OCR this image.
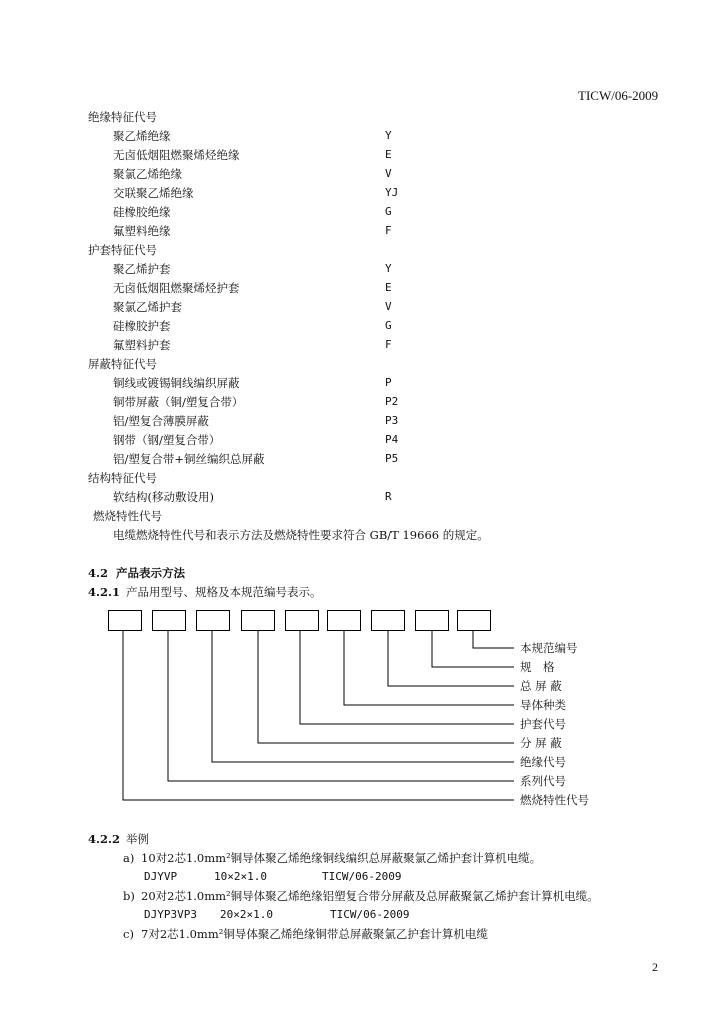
TICW/06-2009
绝缘特征代号
聚乙烯绝缘	Y
无卤低烟阻燃聚烯烃绝缘	E
聚氯乙烯绝缘	V
交联聚乙烯绝缘	YJ
硅橡胶绝缘	G
氟塑料绝缘	F
护套特征代号
聚乙烯护套	Y
无卤低烟阻燃聚烯烃护套	E
聚氯乙烯护套	V
硅橡胶护套	G
氟塑料护套	F
屏蔽特征代号
铜线或镀锡铜线编织屏蔽	P
铜带屏蔽（铜/塑复合带）	P2
铝/塑复合薄膜屏蔽	P3
钢带（钢/塑复合带）	P4
铝/塑复合带+铜丝编织总屏蔽	P5
结构特征代号
软结构(移动敷设用)	R
燃烧特性代号
电缆燃烧特性代号和表示方法及燃烧特性要求符合 GB/T 19666 的规定。
4.2 产品表示方法
4.2.1 产品用型号、规格及本规范编号表示。
本规范编号
规　格
总 屏 蔽
导体种类
护套代号
分 屏 蔽
绝缘代号
系列代号
燃烧特性代号
4.2.2 举例
a) 10对2芯1.0mm²铜导体聚乙烯绝缘铜线编织总屏蔽聚氯乙烯护套计算机电缆。
DJYVP	10×2×1.0	TICW/06-2009
b) 20对2芯1.0mm²铜导体聚乙烯绝缘铝塑复合带分屏蔽及总屏蔽聚氯乙烯护套计算机电缆。
DJYP3VP3 20×2×1.0	TICW/06-2009
c) 7对2芯1.0mm²铜导体聚乙烯绝缘铜带总屏蔽聚氯乙护套计算机电缆
2
